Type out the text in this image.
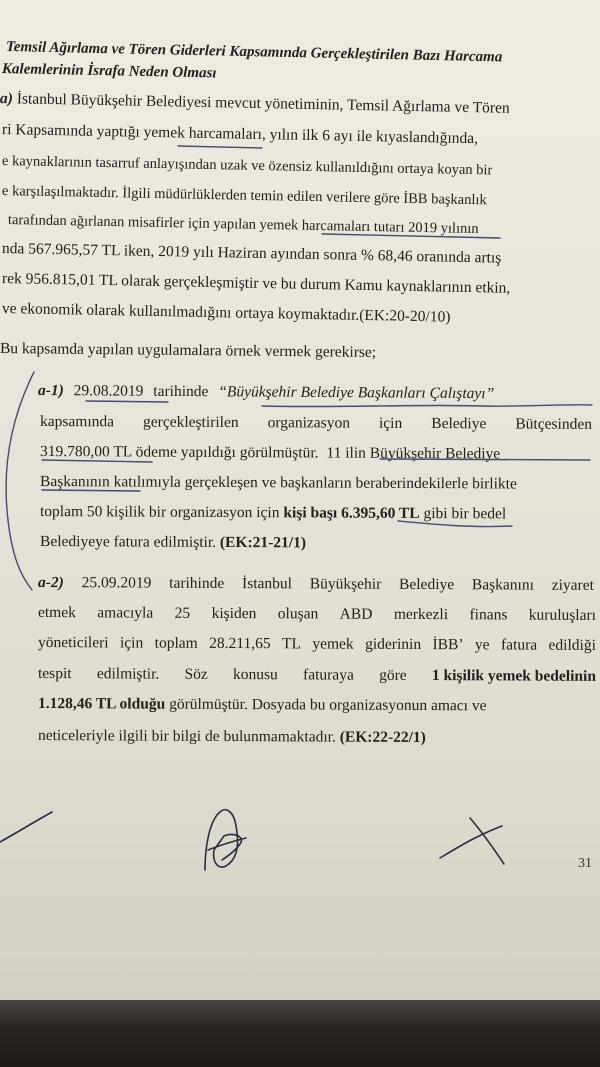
Temsil Ağırlama ve Tören Giderleri Kapsamında Gerçekleştirilen Bazı Harcama
Kalemlerinin İsrafa Neden Olması
a) İstanbul Büyükşehir Belediyesi mevcut yönetiminin, Temsil Ağırlama ve Tören
ri Kapsamında yaptığı yemek harcamaları, yılın ilk 6 ayı ile kıyaslandığında,
e kaynaklarının tasarruf anlayışından uzak ve özensiz kullanıldığını ortaya koyan bir
e karşılaşılmaktadır. İlgili müdürlüklerden temin edilen verilere göre İBB başkanlık
tarafından ağırlanan misafirler için yapılan yemek harcamaları tutarı 2019 yılının
nda 567.965,57 TL iken, 2019 yılı Haziran ayından sonra % 68,46 oranında artış
rek 956.815,01 TL olarak gerçekleşmiştir ve bu durum Kamu kaynaklarının etkin,
ve ekonomik olarak kullanılmadığını ortaya koymaktadır.(EK:20-20/10)
Bu kapsamda yapılan uygulamalara örnek vermek gerekirse;
a-1) 29.08.2019 tarihinde “Büyükşehir Belediye Başkanları Çalıştayı”
kapsamında gerçekleştirilen organizasyon için Belediye Bütçesinden
319.780,00 TL ödeme yapıldığı görülmüştür. 11 ilin Büyükşehir Belediye
Başkanının katılımıyla gerçekleşen ve başkanların beraberindekilerle birlikte
toplam 50 kişilik bir organizasyon için kişi başı 6.395,60 TL gibi bir bedel
Belediyeye fatura edilmiştir. (EK:21-21/1)
a-2) 25.09.2019 tarihinde İstanbul Büyükşehir Belediye Başkanını ziyaret
etmek amacıyla 25 kişiden oluşan ABD merkezli finans kuruluşları
yöneticileri için toplam 28.211,65 TL yemek giderinin İBB’ ye fatura edildiği
tespit edilmiştir. Söz konusu faturaya göre 1 kişilik yemek bedelinin
1.128,46 TL olduğu görülmüştür. Dosyada bu organizasyonun amacı ve
neticeleriyle ilgili bir bilgi de bulunmamaktadır. (EK:22-22/1)
31
